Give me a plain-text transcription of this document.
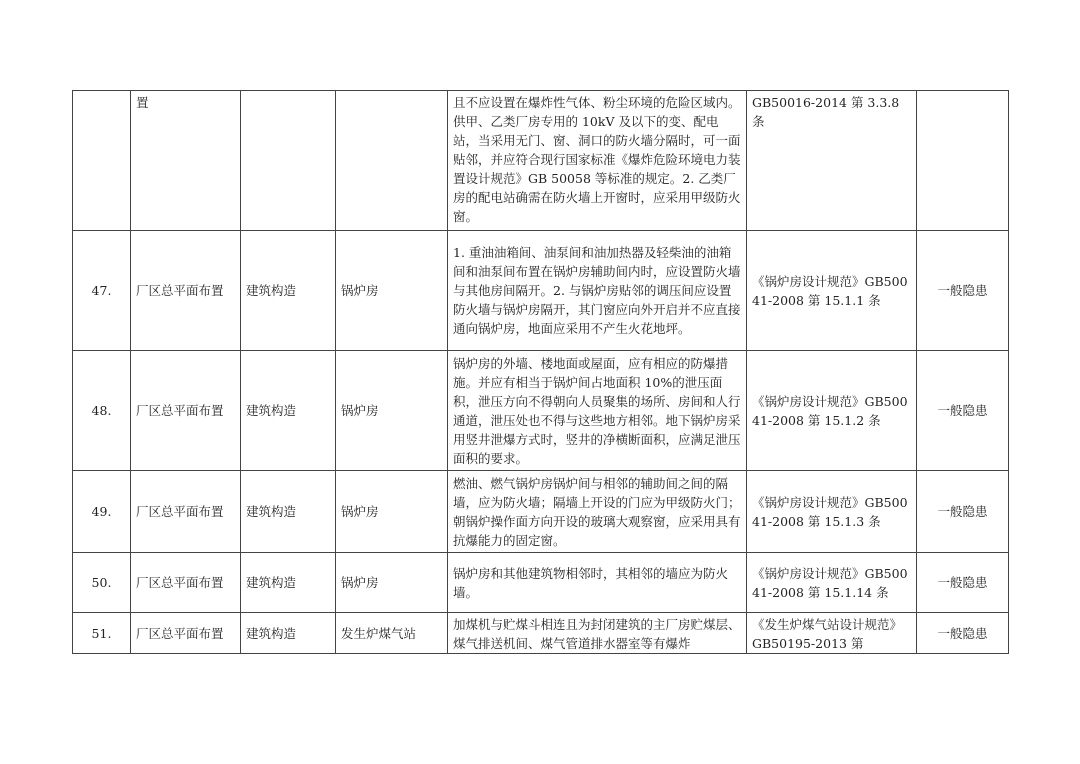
	置			且不应设置在爆炸性气体、粉尘环境的危险区域内。供甲、乙类厂房专用的 10kV 及以下的变、配电站，当采用无门、窗、洞口的防火墙分隔时，可一面贴邻，并应符合现行国家标准《爆炸危险环境电力装置设计规范》GB 50058 等标准的规定。2. 乙类厂房的配电站确需在防火墙上开窗时，应采用甲级防火窗。	GB50016-2014 第 3.3.8 条	
47.	厂区总平面布置	建筑构造	锅炉房	1. 重油油箱间、油泵间和油加热器及轻柴油的油箱间和油泵间布置在锅炉房辅助间内时，应设置防火墙与其他房间隔开。2. 与锅炉房贴邻的调压间应设置防火墙与锅炉房隔开，其门窗应向外开启并不应直接通向锅炉房，地面应采用不产生火花地坪。	《锅炉房设计规范》GB50041-2008 第 15.1.1 条	一般隐患
48.	厂区总平面布置	建筑构造	锅炉房	锅炉房的外墙、楼地面或屋面，应有相应的防爆措施。并应有相当于锅炉间占地面积 10%的泄压面积，泄压方向不得朝向人员聚集的场所、房间和人行通道，泄压处也不得与这些地方相邻。地下锅炉房采用竖井泄爆方式时，竖井的净横断面积，应满足泄压面积的要求。	《锅炉房设计规范》GB50041-2008 第 15.1.2 条	一般隐患
49.	厂区总平面布置	建筑构造	锅炉房	燃油、燃气锅炉房锅炉间与相邻的辅助间之间的隔墙，应为防火墙；隔墙上开设的门应为甲级防火门；朝锅炉操作面方向开设的玻璃大观察窗，应采用具有抗爆能力的固定窗。	《锅炉房设计规范》GB50041-2008 第 15.1.3 条	一般隐患
50.	厂区总平面布置	建筑构造	锅炉房	锅炉房和其他建筑物相邻时，其相邻的墙应为防火墙。	《锅炉房设计规范》GB50041-2008 第 15.1.14 条	一般隐患
51.	厂区总平面布置	建筑构造	发生炉煤气站	加煤机与贮煤斗相连且为封闭建筑的主厂房贮煤层、煤气排送机间、煤气管道排水器室等有爆炸	《发生炉煤气站设计规范》GB50195-2013 第	一般隐患
